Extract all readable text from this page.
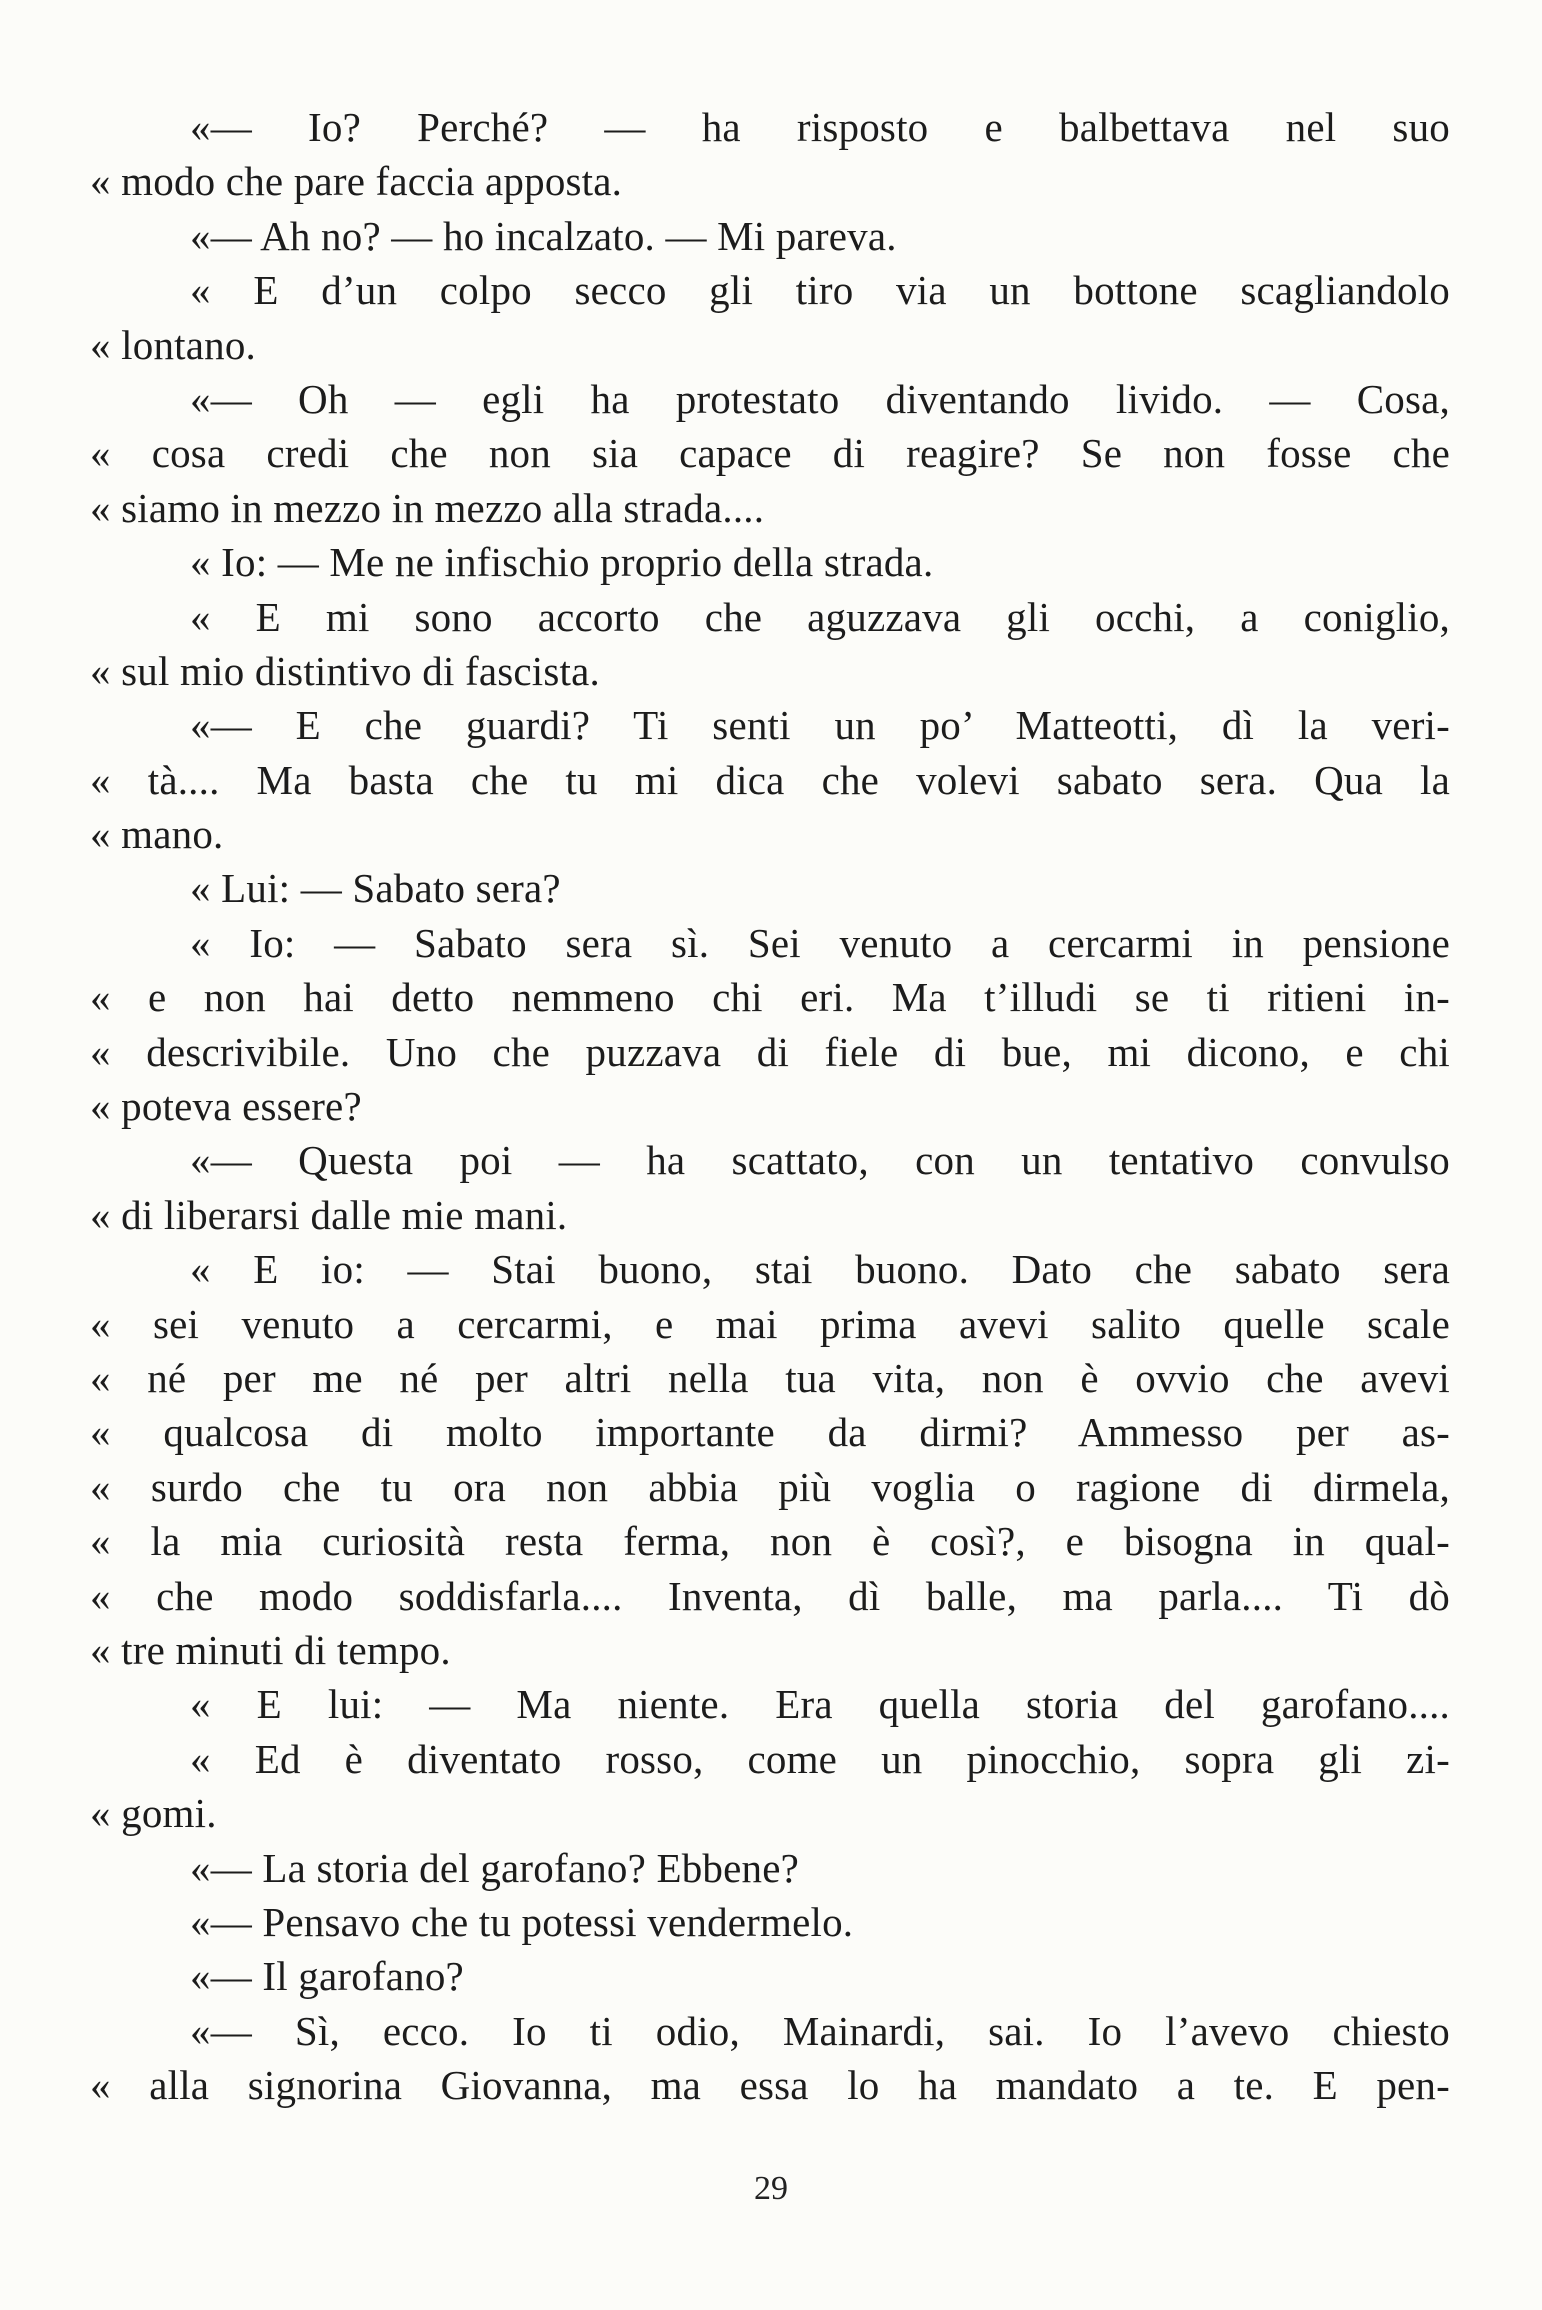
«— Io? Perché? — ha risposto e balbettava nel suo
« modo che pare faccia apposta.
«— Ah no? — ho incalzato. — Mi pareva.
« E d’un colpo secco gli tiro via un bottone scagliandolo
« lontano.
«— Oh — egli ha protestato diventando livido. — Cosa,
« cosa credi che non sia capace di reagire? Se non fosse che
« siamo in mezzo in mezzo alla strada....
« Io: — Me ne infischio proprio della strada.
« E mi sono accorto che aguzzava gli occhi, a coniglio,
« sul mio distintivo di fascista.
«— E che guardi? Ti senti un po’ Matteotti, dì la veri-
« tà.... Ma basta che tu mi dica che volevi sabato sera. Qua la
« mano.
« Lui: — Sabato sera?
« Io: — Sabato sera sì. Sei venuto a cercarmi in pensione
« e non hai detto nemmeno chi eri. Ma t’illudi se ti ritieni in-
« descrivibile. Uno che puzzava di fiele di bue, mi dicono, e chi
« poteva essere?
«— Questa poi — ha scattato, con un tentativo convulso
« di liberarsi dalle mie mani.
« E io: — Stai buono, stai buono. Dato che sabato sera
« sei venuto a cercarmi, e mai prima avevi salito quelle scale
« né per me né per altri nella tua vita, non è ovvio che avevi
« qualcosa di molto importante da dirmi? Ammesso per as-
« surdo che tu ora non abbia più voglia o ragione di dirmela,
« la mia curiosità resta ferma, non è così?, e bisogna in qual-
« che modo soddisfarla.... Inventa, dì balle, ma parla.... Ti dò
« tre minuti di tempo.
« E lui: — Ma niente. Era quella storia del garofano....
« Ed è diventato rosso, come un pinocchio, sopra gli zi-
« gomi.
«— La storia del garofano? Ebbene?
«— Pensavo che tu potessi vendermelo.
«— Il garofano?
«— Sì, ecco. Io ti odio, Mainardi, sai. Io l’avevo chiesto
« alla signorina Giovanna, ma essa lo ha mandato a te. E pen-
29
